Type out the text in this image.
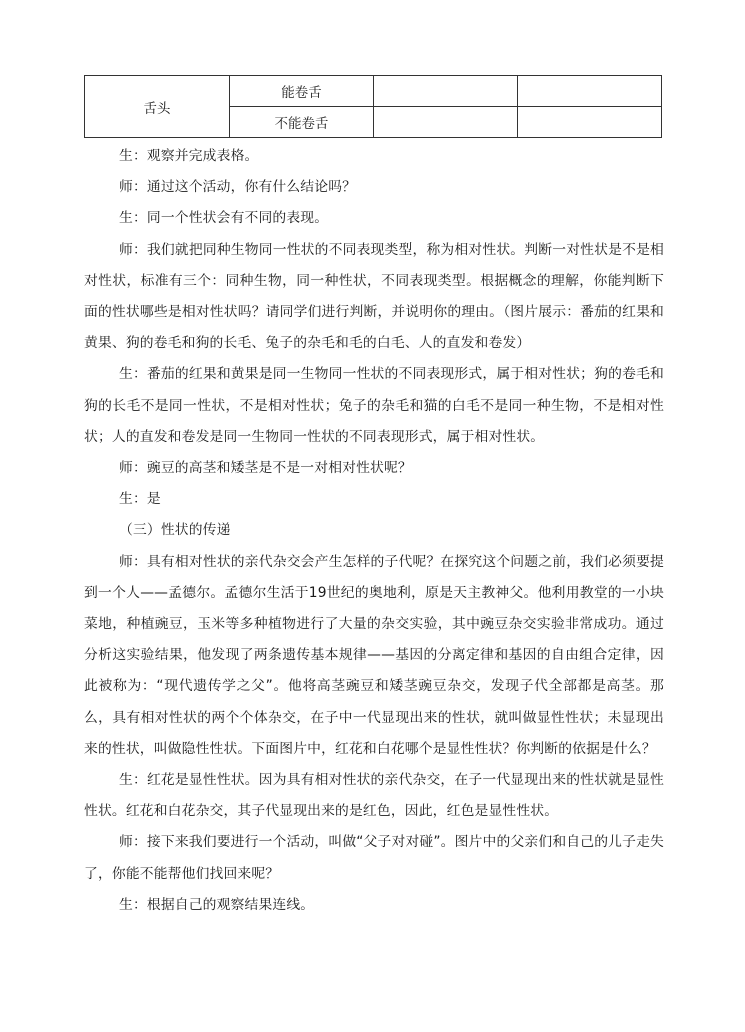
舌头	能卷舌		
	不能卷舌		

生：观察并完成表格。

师：通过这个活动，你有什么结论吗？

生：同一个性状会有不同的表现。

师：我们就把同种生物同一性状的不同表现类型，称为相对性状。判断一对性状是不是相对性状，标准有三个：同种生物，同一种性状，不同表现类型。根据概念的理解，你能判断下面的性状哪些是相对性状吗？请同学们进行判断，并说明你的理由。（图片展示：番茄的红果和黄果、狗的卷毛和狗的长毛、兔子的杂毛和毛的白毛、人的直发和卷发）

生：番茄的红果和黄果是同一生物同一性状的不同表现形式，属于相对性状；狗的卷毛和狗的长毛不是同一性状，不是相对性状；兔子的杂毛和猫的白毛不是同一种生物，不是相对性状；人的直发和卷发是同一生物同一性状的不同表现形式，属于相对性状。

师：豌豆的高茎和矮茎是不是一对相对性状呢？

生：是

（三）性状的传递

师：具有相对性状的亲代杂交会产生怎样的子代呢？在探究这个问题之前，我们必须要提到一个人——孟德尔。孟德尔生活于19世纪的奥地利，原是天主教神父。他利用教堂的一小块菜地，种植豌豆，玉米等多种植物进行了大量的杂交实验，其中豌豆杂交实验非常成功。通过分析这实验结果，他发现了两条遗传基本规律——基因的分离定律和基因的自由组合定律，因此被称为：“现代遗传学之父”。他将高茎豌豆和矮茎豌豆杂交，发现子代全部都是高茎。那么，具有相对性状的两个个体杂交，在子中一代显现出来的性状，就叫做显性性状；未显现出来的性状，叫做隐性性状。下面图片中，红花和白花哪个是显性性状？你判断的依据是什么？

生：红花是显性性状。因为具有相对性状的亲代杂交，在子一代显现出来的性状就是显性性状。红花和白花杂交，其子代显现出来的是红色，因此，红色是显性性状。

师：接下来我们要进行一个活动，叫做“父子对对碰”。图片中的父亲们和自己的儿子走失了，你能不能帮他们找回来呢？

生：根据自己的观察结果连线。
